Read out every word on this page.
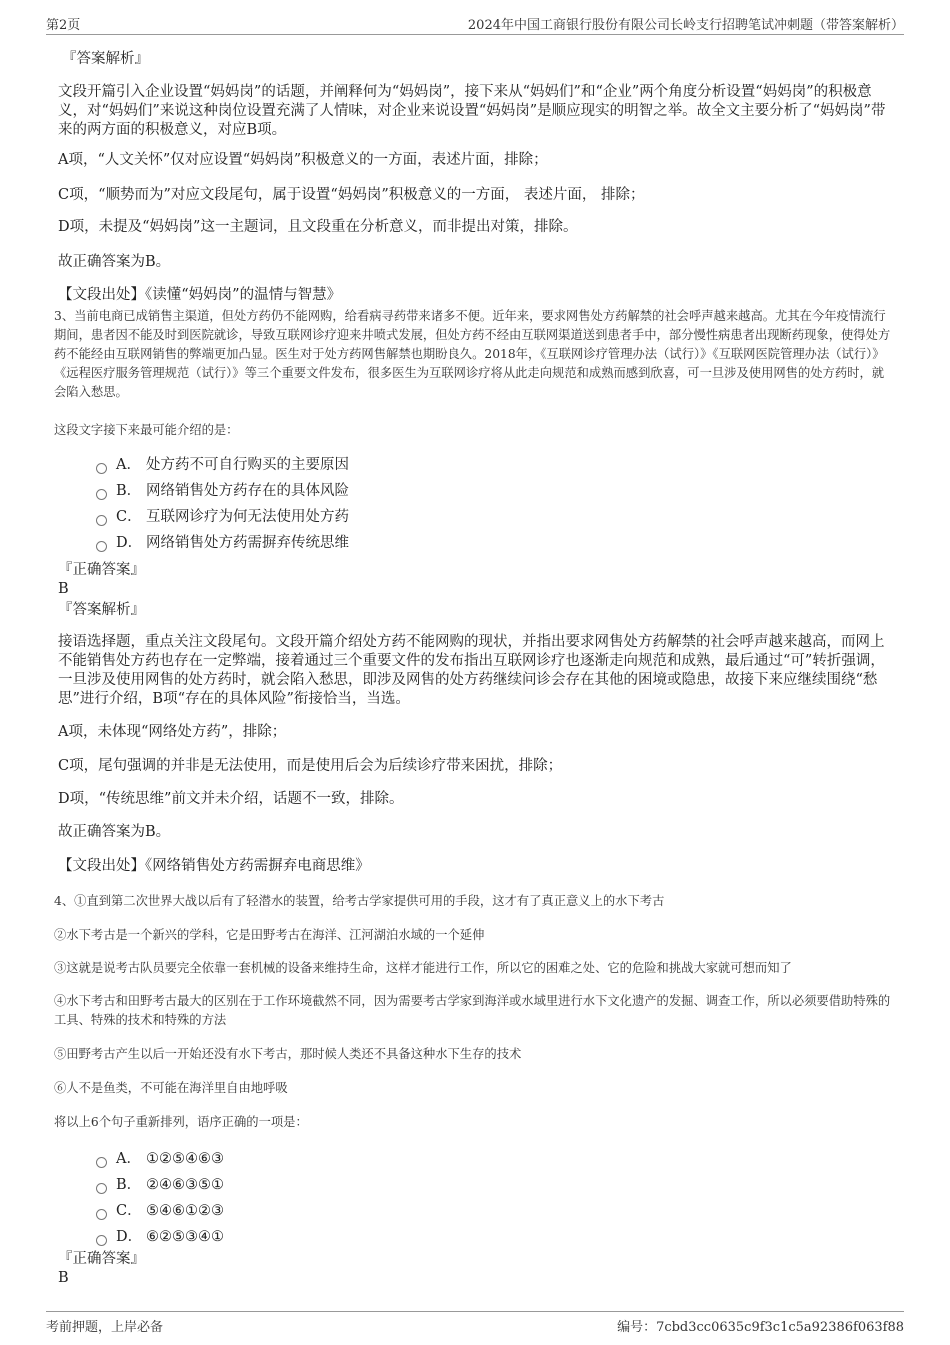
第2页	2024年中国工商银行股份有限公司长岭支行招聘笔试冲刺题（带答案解析）
『答案解析』
文段开篇引入企业设置“妈妈岗”的话题，并阐释何为“妈妈岗”，接下来从“妈妈们”和“企业”两个角度分析设置“妈妈岗”的积极意义，对“妈妈们”来说这种岗位设置充满了人情味，对企业来说设置“妈妈岗”是顺应现实的明智之举。故全文主要分析了“妈妈岗”带来的两方面的积极意义，对应B项。
A项，“人文关怀”仅对应设置“妈妈岗”积极意义的一方面，表述片面，排除；
C项，“顺势而为”对应文段尾句，属于设置“妈妈岗”积极意义的一方面， 表述片面， 排除；
D项，未提及“妈妈岗”这一主题词，且文段重在分析意义，而非提出对策，排除。
故正确答案为B。
【文段出处】《读懂“妈妈岗”的温情与智慧》
3、当前电商已成销售主渠道，但处方药仍不能网购，给看病寻药带来诸多不便。近年来，要求网售处方药解禁的社会呼声越来越高。尤其在今年疫情流行期间，患者因不能及时到医院就诊，导致互联网诊疗迎来井喷式发展，但处方药不经由互联网渠道送到患者手中，部分慢性病患者出现断药现象，使得处方药不能经由互联网销售的弊端更加凸显。医生对于处方药网售解禁也期盼良久。2018年，《互联网诊疗管理办法（试行）》《互联网医院管理办法（试行）》《远程医疗服务管理规范（试行）》等三个重要文件发布，很多医生为互联网诊疗将从此走向规范和成熟而感到欣喜，可一旦涉及使用网售的处方药时，就会陷入愁思。
这段文字接下来最可能介绍的是：
A． 处方药不可自行购买的主要原因
B． 网络销售处方药存在的具体风险
C． 互联网诊疗为何无法使用处方药
D． 网络销售处方药需摒弃传统思维
『正确答案』
B
『答案解析』
接语选择题，重点关注文段尾句。文段开篇介绍处方药不能网购的现状，并指出要求网售处方药解禁的社会呼声越来越高，而网上不能销售处方药也存在一定弊端，接着通过三个重要文件的发布指出互联网诊疗也逐渐走向规范和成熟，最后通过“可”转折强调，一旦涉及使用网售的处方药时，就会陷入愁思，即涉及网售的处方药继续问诊会存在其他的困境或隐患，故接下来应继续围绕“愁思”进行介绍，B项“存在的具体风险”衔接恰当，当选。
A项，未体现“网络处方药”，排除；
C项，尾句强调的并非是无法使用，而是使用后会为后续诊疗带来困扰，排除；
D项，“传统思维”前文并未介绍，话题不一致，排除。
故正确答案为B。
【文段出处】《网络销售处方药需摒弃电商思维》
4、①直到第二次世界大战以后有了轻潜水的装置，给考古学家提供可用的手段，这才有了真正意义上的水下考古
②水下考古是一个新兴的学科，它是田野考古在海洋、江河湖泊水域的一个延伸
③这就是说考古队员要完全依靠一套机械的设备来维持生命，这样才能进行工作，所以它的困难之处、它的危险和挑战大家就可想而知了
④水下考古和田野考古最大的区别在于工作环境截然不同，因为需要考古学家到海洋或水域里进行水下文化遗产的发掘、调查工作，所以必须要借助特殊的工具、特殊的技术和特殊的方法
⑤田野考古产生以后一开始还没有水下考古，那时候人类还不具备这种水下生存的技术
⑥人不是鱼类，不可能在海洋里自由地呼吸
将以上6个句子重新排列，语序正确的一项是：
A． ①②⑤④⑥③
B． ②④⑥③⑤①
C． ⑤④⑥①②③
D． ⑥②⑤③④①
『正确答案』
B
考前押题，上岸必备	编号：7cbd3cc0635c9f3c1c5a92386f063f88
